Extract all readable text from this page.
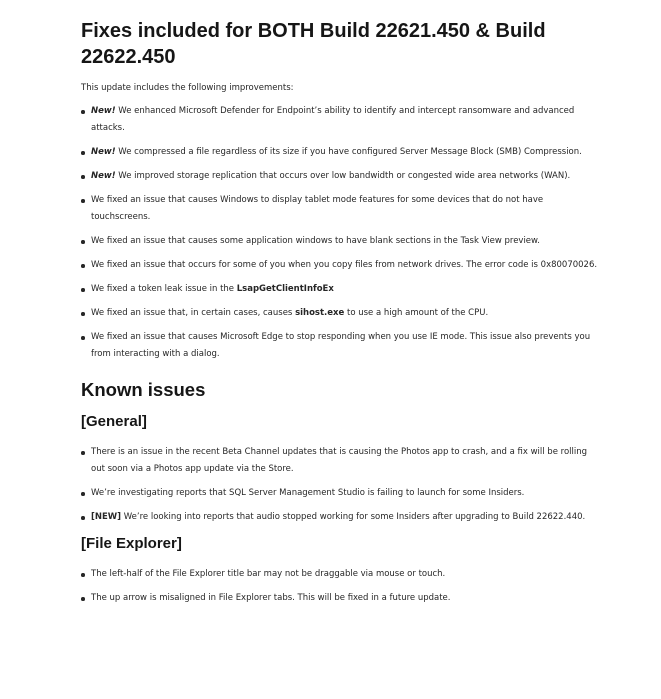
Fixes included for BOTH Build 22621.450 & Build 22622.450

This update includes the following improvements:

New! We enhanced Microsoft Defender for Endpoint’s ability to identify and intercept ransomware and advanced attacks.
New! We compressed a file regardless of its size if you have configured Server Message Block (SMB) Compression.
New! We improved storage replication that occurs over low bandwidth or congested wide area networks (WAN).
We fixed an issue that causes Windows to display tablet mode features for some devices that do not have touchscreens.
We fixed an issue that causes some application windows to have blank sections in the Task View preview.
We fixed an issue that occurs for some of you when you copy files from network drives. The error code is 0x80070026.
We fixed a token leak issue in the LsapGetClientInfoEx
We fixed an issue that, in certain cases, causes sihost.exe to use a high amount of the CPU.
We fixed an issue that causes Microsoft Edge to stop responding when you use IE mode. This issue also prevents you from interacting with a dialog.
Known issues
[General]
There is an issue in the recent Beta Channel updates that is causing the Photos app to crash, and a fix will be rolling out soon via a Photos app update via the Store.
We’re investigating reports that SQL Server Management Studio is failing to launch for some Insiders.
[NEW] We’re looking into reports that audio stopped working for some Insiders after upgrading to Build 22622.440.
[File Explorer]
The left-half of the File Explorer title bar may not be draggable via mouse or touch.
The up arrow is misaligned in File Explorer tabs. This will be fixed in a future update.
